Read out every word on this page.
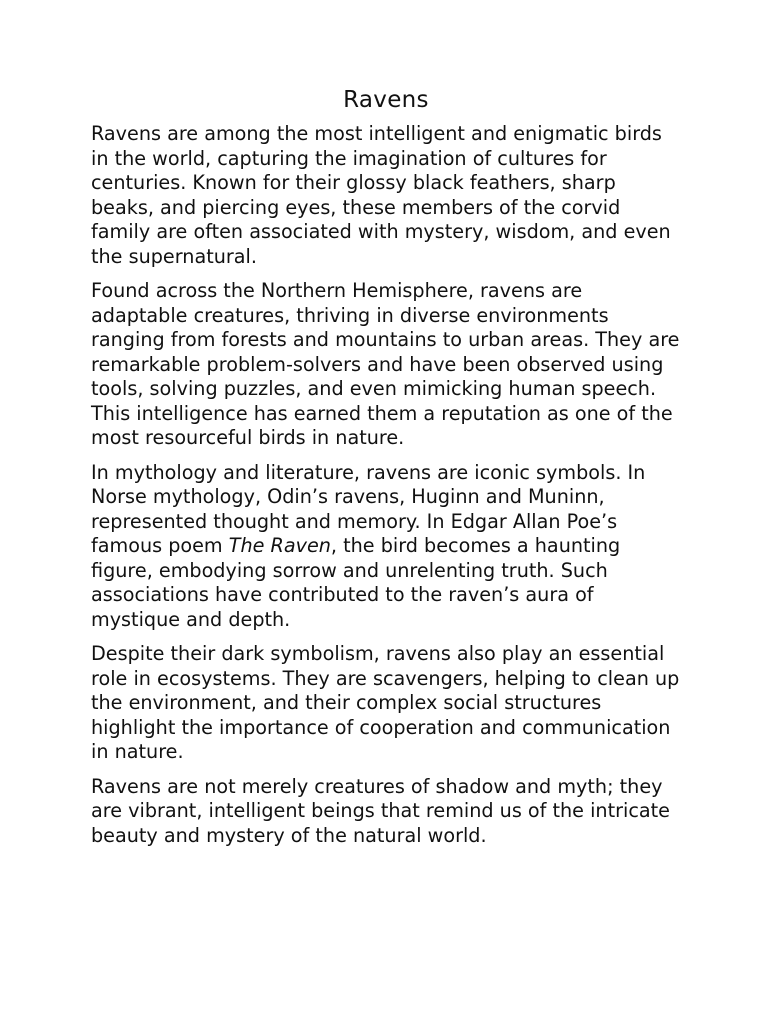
Ravens

Ravens are among the most intelligent and enigmatic birds in the world, capturing the imagination of cultures for centuries. Known for their glossy black feathers, sharp beaks, and piercing eyes, these members of the corvid family are often associated with mystery, wisdom, and even the supernatural.

Found across the Northern Hemisphere, ravens are adaptable creatures, thriving in diverse environments ranging from forests and mountains to urban areas. They are remarkable problem-solvers and have been observed using tools, solving puzzles, and even mimicking human speech. This intelligence has earned them a reputation as one of the most resourceful birds in nature.

In mythology and literature, ravens are iconic symbols. In Norse mythology, Odin’s ravens, Huginn and Muninn, represented thought and memory. In Edgar Allan Poe’s famous poem The Raven, the bird becomes a haunting figure, embodying sorrow and unrelenting truth. Such associations have contributed to the raven’s aura of mystique and depth.

Despite their dark symbolism, ravens also play an essential role in ecosystems. They are scavengers, helping to clean up the environment, and their complex social structures highlight the importance of cooperation and communication in nature.

Ravens are not merely creatures of shadow and myth; they are vibrant, intelligent beings that remind us of the intricate beauty and mystery of the natural world.
